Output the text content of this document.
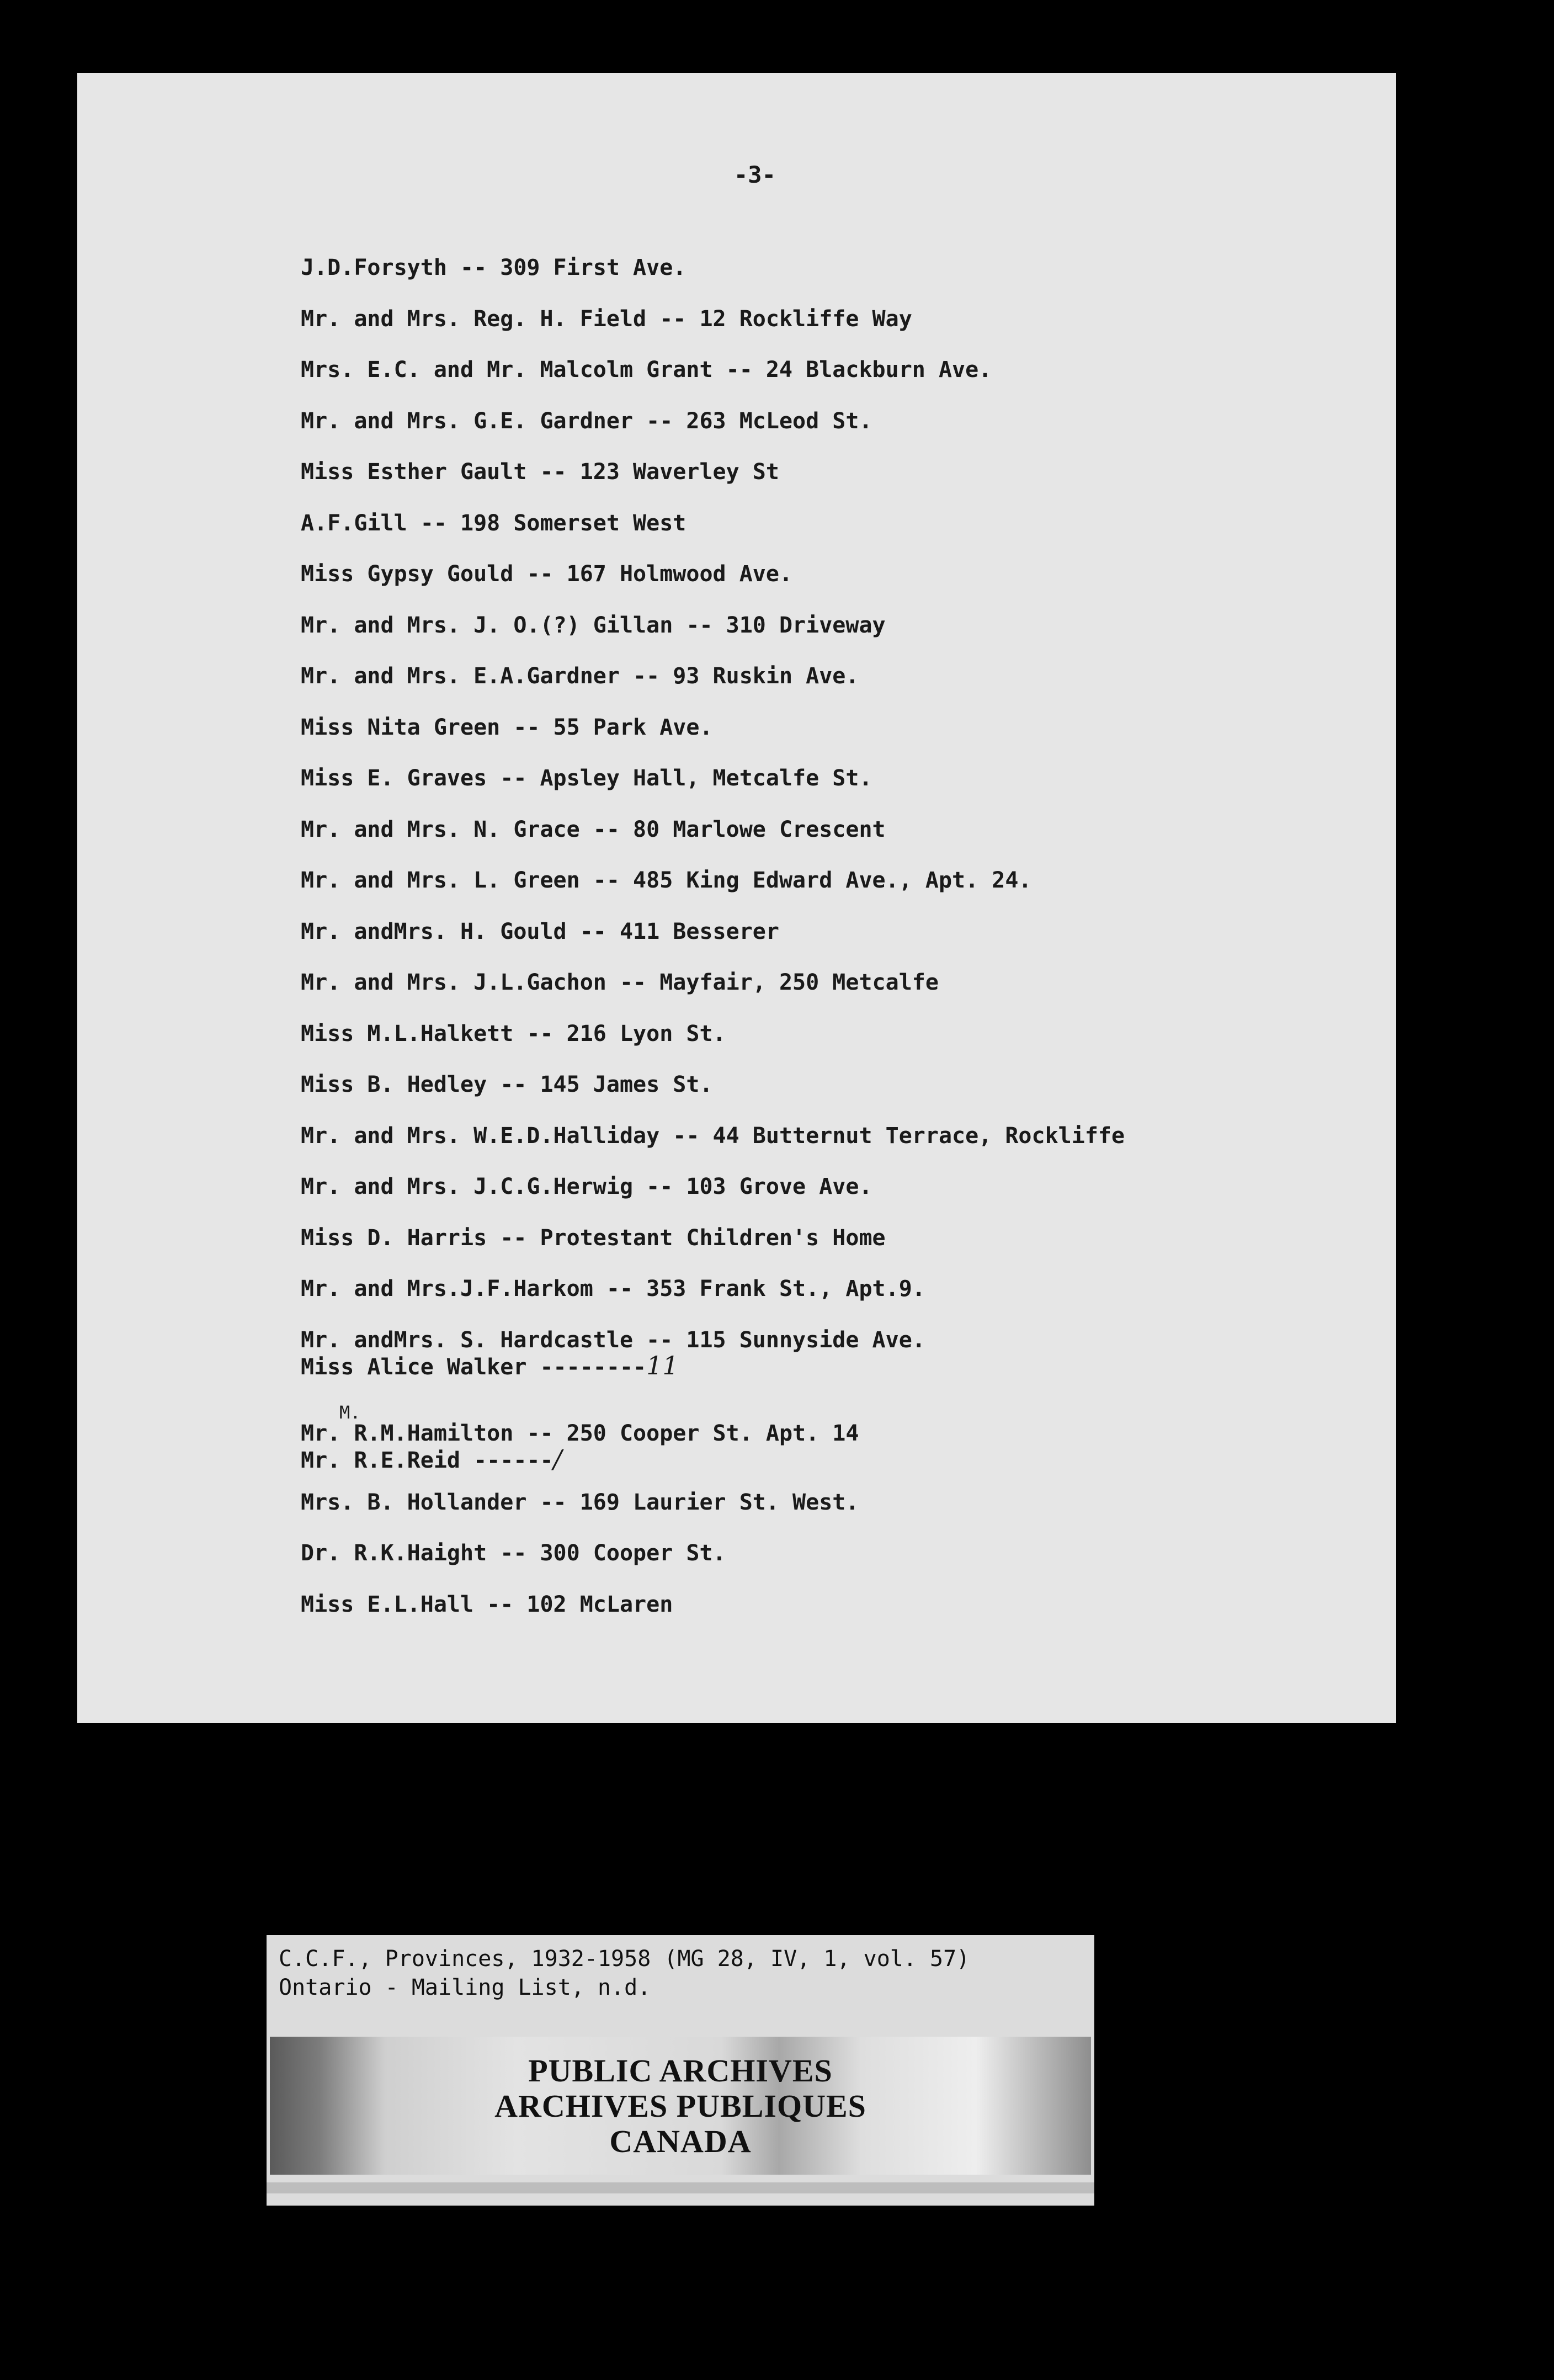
-3-
J.D.Forsyth -- 309 First Ave.
Mr. and Mrs. Reg. H. Field -- 12 Rockliffe Way
Mrs. E.C. and Mr. Malcolm Grant -- 24 Blackburn Ave.
Mr. and Mrs. G.E. Gardner -- 263 McLeod St.
Miss Esther Gault -- 123 Waverley St
A.F.Gill -- 198 Somerset West
Miss Gypsy Gould -- 167 Holmwood Ave.
Mr. and Mrs. J. O.(?) Gillan -- 310 Driveway
Mr. and Mrs. E.A.Gardner -- 93 Ruskin Ave.
Miss Nita Green -- 55 Park Ave.
Miss E. Graves -- Apsley Hall, Metcalfe St.
Mr. and Mrs. N. Grace -- 80 Marlowe Crescent
Mr. and Mrs. L. Green -- 485 King Edward Ave., Apt. 24.
Mr. andMrs. H. Gould -- 411 Besserer
Mr. and Mrs. J.L.Gachon -- Mayfair, 250 Metcalfe
Miss M.L.Halkett -- 216 Lyon St.
Miss B. Hedley -- 145 James St.
Mr. and Mrs. W.E.D.Halliday -- 44 Butternut Terrace, Rockliffe
Mr. and Mrs. J.C.G.Herwig -- 103 Grove Ave.
Miss D. Harris -- Protestant Children's Home
Mr. and Mrs.J.F.Harkom -- 353 Frank St., Apt.9.
Mr. andMrs. S. Hardcastle -- 115 Sunnyside Ave.
Miss Alice Walker --------11
M.
Mr. R.M.Hamilton -- 250 Cooper St. Apt. 14
Mr. R.E.Reid ------/
Mrs. B. Hollander -- 169 Laurier St. West.
Dr. R.K.Haight -- 300 Cooper St.
Miss E.L.Hall -- 102 McLaren
C.C.F., Provinces, 1932-1958 (MG 28, IV, 1, vol. 57)
Ontario - Mailing List, n.d.
PUBLIC ARCHIVES
ARCHIVES PUBLIQUES
CANADA
